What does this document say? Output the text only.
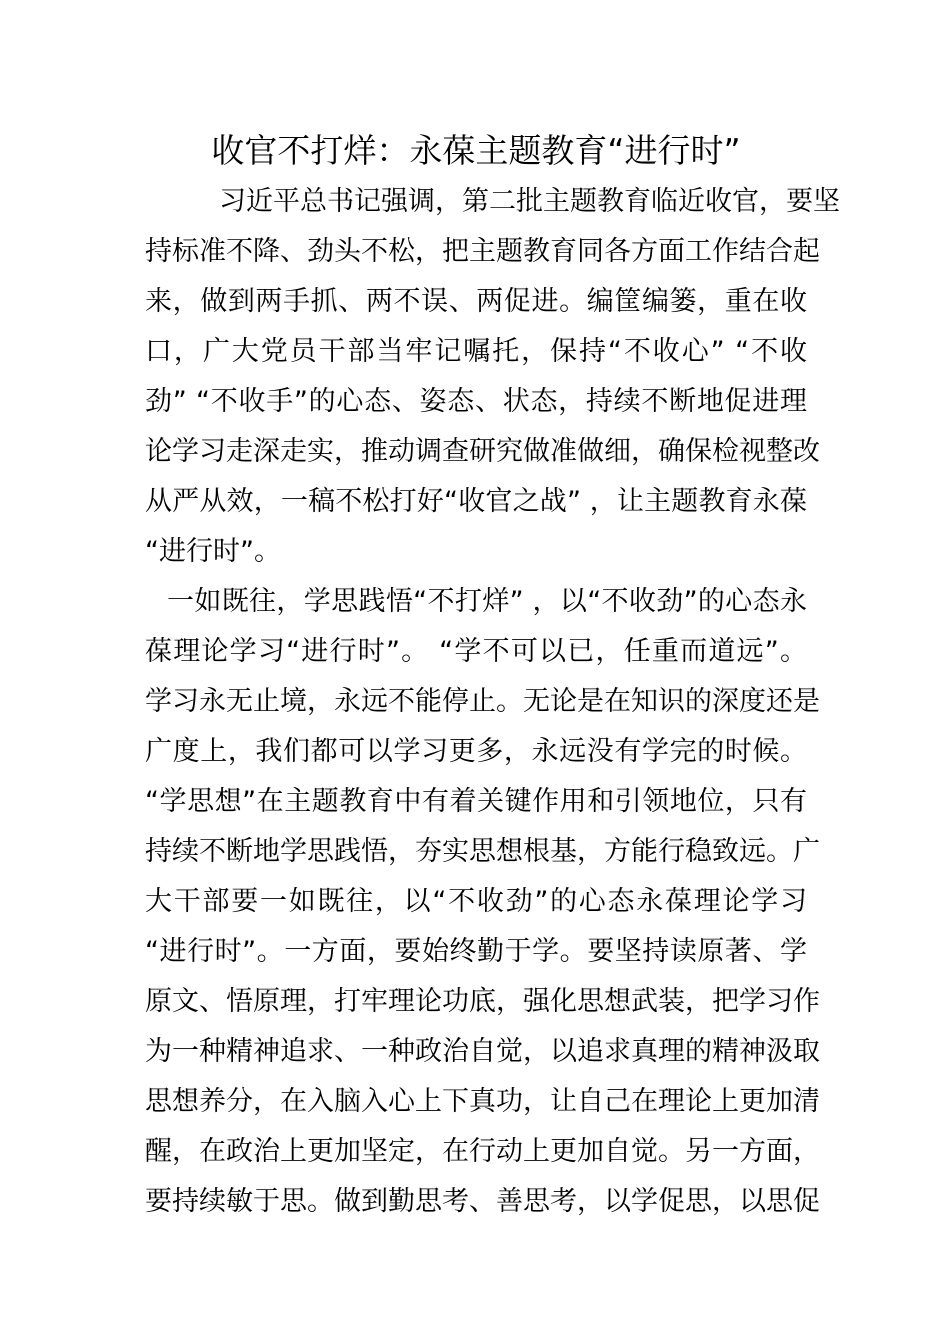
收官不打烊：永葆主题教育“进行时”
习近平总书记强调，第二批主题教育临近收官，要坚
持标准不降、劲头不松，把主题教育同各方面工作结合起
来，做到两手抓、两不误、两促进。编筐编篓，重在收
口，广大党员干部当牢记嘱托，保持“不收心” “不收
劲” “不收手”的心态、姿态、状态，持续不断地促进理
论学习走深走实，推动调查研究做准做细，确保检视整改
从严从效，一稿不松打好“收官之战” ，让主题教育永葆
“进行时”。
一如既往，学思践悟“不打烊” ，以“不收劲”的心态永
葆理论学习“进行时”。 “学不可以已，任重而道远”。
学习永无止境，永远不能停止。无论是在知识的深度还是
广度上，我们都可以学习更多，永远没有学完的时候。
“学思想”在主题教育中有着关键作用和引领地位，只有
持续不断地学思践悟，夯实思想根基，方能行稳致远。广
大干部要一如既往，以“不收劲”的心态永葆理论学习
“进行时”。一方面，要始终勤于学。要坚持读原著、学
原文、悟原理，打牢理论功底，强化思想武装，把学习作
为一种精神追求、一种政治自觉，以追求真理的精神汲取
思想养分，在入脑入心上下真功，让自己在理论上更加清
醒，在政治上更加坚定，在行动上更加自觉。另一方面，
要持续敏于思。做到勤思考、善思考，以学促思，以思促
